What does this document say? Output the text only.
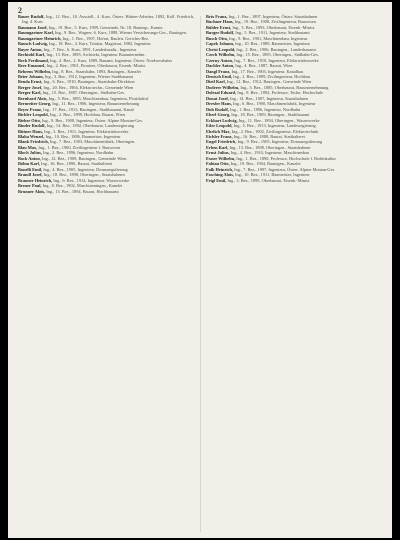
2

Bauer Rudolf, Ing., 12. Bez., 18. Ausstell., 4. Kurs, Österr. Hütten-Arbeiter, 1892, Koll. Friedrich, Ing. 4. Kurs

Baumann Josef, Ing., 19. Bez., 5. Kurs, 1909, Gemeinde, Nr. 18, Bauinsp., Kantor

Baumgartner Karl, Ing., 9. Bez., Wagner, 6. Kurs, 1888, Wiener Versicherungs-Ges., Bauingen.

Baumgartner Heinrich, Ing., 1. Bez., 1907, Hofrat, Bauleit. Gerichts-Bez.

Bausch Ludwig, Ing., 18. Bez., 4. Kurs, Trinitat, Magistrat, 1882, Ingenieur

Bayer Anton, Ing., 7. Bez., 6. Kurs, 1891, Landesbaudir., Ingenieur

Bechtold Karl, Ing., 13. Bez., 1895, Architekt, Ingenieur Bauunternehm.

Beck Ferdinand, Ing., 4. Bez., 2. Kurs, 1889, Bauamt, Ingenieur, Österr. Nordwestbahn

Beer Emanuel, Ing., 2. Bez., 1901, Pioniere, Oberbaurat, Eisenb.-Minist.

Behrens Wilhelm, Ing., 8. Bez., Staatsbahn, 1893, Bauingen., Kanzlei

Beier Johann, Ing., 3. Bez., 1912, Ingenieur, Wiener Stadtbauamt

Benda Ernst, Ing., 6. Bez., 1910, Bauingen., Staatsbahn-Direktion

Berger Josef, Ing., 20. Bez., 1904, Elektrotechn., Gemeinde Wien

Berger Karl, Ing., 15. Bez., 1887, Oberingen., Südbahn-Ges.

Bernhard Alois, Ing., 5. Bez., 1895, Maschinenbau, Ingenieur, Floridsdorf

Bernreiter Georg, Ing., 11. Bez., 1906, Ingenieur, Bauunternehmung

Beyer Franz, Ing., 17. Bez., 1913, Bauingen., Stadtbauamt, Kanal

Bichler Leopold, Ing., 2. Bez., 1899, Hochbau, Baurat, Wien

Bieber Otto, Ing., 9. Bez., 1908, Ingenieur, Österr. Alpine Montan-Ges.

Binder Rudolf, Ing., 14. Bez., 1892, Oberbaurat, Landesregierung

Bittner Hans, Ing., 3. Bez., 1911, Ingenieur, Elektrizitätswerke

Blaha Wenzel, Ing., 10. Bez., 1886, Baumeister, Ingenieur

Blank Friedrich, Ing., 7. Bez., 1903, Maschinenfabrik, Oberingen.

Blau Max, Ing., 1. Bez., 1900, Zivilingenieur f. Bauwesen

Bloch Julius, Ing., 2. Bez., 1896, Ingenieur, Nordbahn

Bock Anton, Ing., 12. Bez., 1909, Bauingen., Gemeinde Wien

Böhm Karl, Ing., 16. Bez., 1890, Baurat, Statthalterei

Bonelli Emil, Ing., 4. Bez., 1905, Ingenieur, Donauregulierung

Brandl Josef, Ing., 18. Bez., 1898, Oberingen., Staatsbahnen

Brauner Heinrich, Ing., 6. Bez., 1914, Ingenieur, Wasserwerke

Breuer Paul, Ing., 8. Bez., 1902, Maschineningen., Kanzlei

Brunner Alois, Ing., 13. Bez., 1894, Baurat, Hochbauamt

Brix Franz, Ing., 1. Bez., 1897, Ingenieur, Österr. Staatsbahnen

Buchner Hans, Ing., 19. Bez., 1908, Zivilingenieur, Bauwesen

Bühler Ernst, Ing., 3. Bez., 1893, Oberbaurat, Eisenb.-Minist.

Burger Rudolf, Ing., 5. Bez., 1911, Ingenieur, Stadtbauamt

Busch Otto, Ing., 9. Bez., 1901, Maschinenbau, Ingenieur

Capek Johann, Ing., 10. Bez., 1889, Baumeister, Ingenieur

Christ Leopold, Ing., 2. Bez., 1906, Bauingen., Landesbauamt

Czech Wilhelm, Ing., 15. Bez., 1895, Oberingen., Südbahn-Ges.

Czerny Anton, Ing., 7. Bez., 1910, Ingenieur, Elektrizitätswerke

Dachler Anton, Ing., 4. Bez., 1887, Baurat, Wien

Dangl Franz, Ing., 17. Bez., 1903, Ingenieur, Kanalbau

Deutsch Emil, Ing., 2. Bez., 1899, Zivilingenieur, Hochbau

Dietl Karl, Ing., 12. Bez., 1912, Bauingen., Gemeinde Wien

Doderer Wilhelm, Ing., 3. Bez., 1885, Oberbaurat, Bauunternehmung

Dolezal Eduard, Ing., 8. Bez., 1892, Professor, Techn. Hochschule

Donat Josef, Ing., 14. Bez., 1907, Ingenieur, Staatsbahnen

Drexler Hans, Ing., 6. Bez., 1900, Maschinenfabrik, Ingenieur

Dub Rudolf, Ing., 1. Bez., 1896, Ingenieur, Nordbahn

Eberl Georg, Ing., 18. Bez., 1909, Bauingen., Stadtbauamt

Eckhart Ludwig, Ing., 11. Bez., 1894, Oberingen., Wasserwerke

Eder Leopold, Ing., 5. Bez., 1913, Ingenieur, Landesregierung

Ehrlich Max, Ing., 2. Bez., 1902, Zivilingenieur, Elektrotechnik

Eichler Franz, Ing., 16. Bez., 1888, Baurat, Statthalterei

Engel Friedrich, Ing., 9. Bez., 1905, Ingenieur, Donauregulierung

Erben Karl, Ing., 13. Bez., 1898, Oberingen., Staatsbahnen

Ernst Julius, Ing., 4. Bez., 1910, Ingenieur, Maschinenbau

Exner Wilhelm, Ing., 1. Bez., 1890, Professor, Hochschule f. Bodenkultur

Fabian Otto, Ing., 19. Bez., 1904, Bauingen., Kanzlei

Falk Heinrich, Ing., 7. Bez., 1897, Ingenieur, Österr. Alpine Montan-Ges.

Fasching Alois, Ing., 10. Bez., 1911, Baumeister, Ingenieur

Feigl Emil, Ing., 3. Bez., 1899, Oberbaurat, Eisenb.-Minist.
